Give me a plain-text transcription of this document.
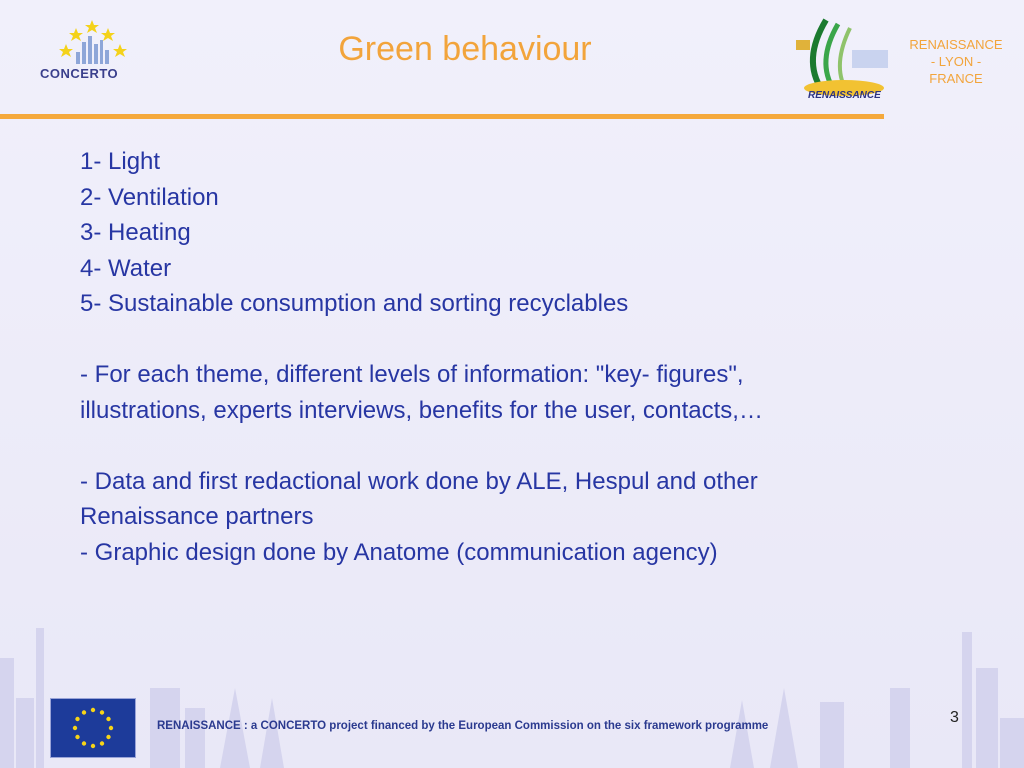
CONCERTO
Green behaviour
RENAISSANCE
RENAISSANCE
- LYON -
FRANCE
1- Light
2- Ventilation
3- Heating
4- Water
5- Sustainable consumption and sorting recyclables
- For each theme, different levels of information: "key- figures",
illustrations, experts interviews, benefits for the user, contacts,…
- Data and first redactional work done by ALE, Hespul and other
Renaissance partners
- Graphic design done by Anatome (communication agency)
RENAISSANCE : a CONCERTO project financed by the European Commission on the six framework programme	3
